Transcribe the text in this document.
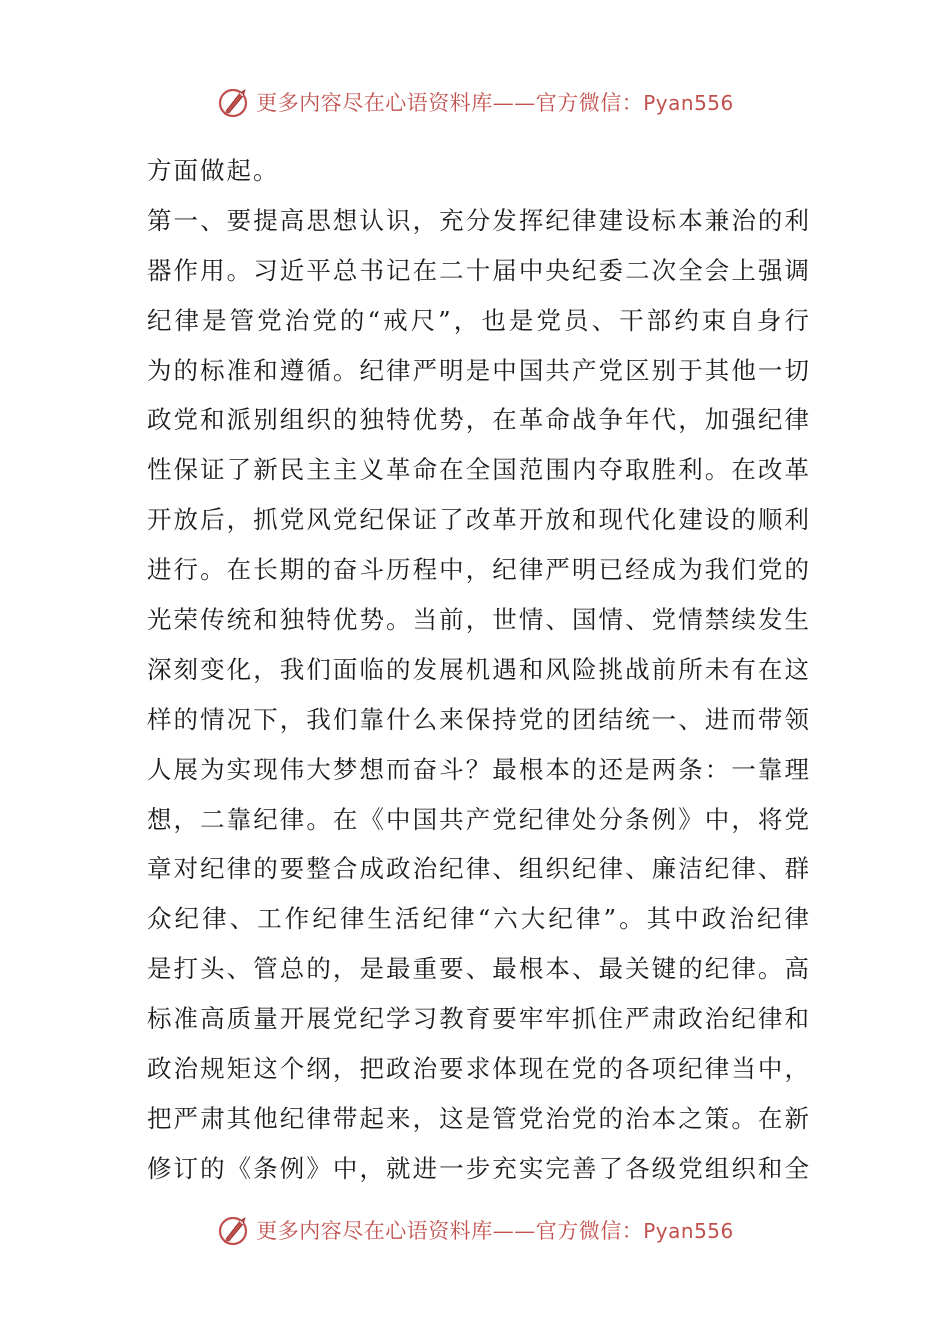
更多内容尽在心语资料库——官方微信：Pyan556
方面做起。
第一、要提高思想认识，充分发挥纪律建设标本兼治的利
器作用。习近平总书记在二十届中央纪委二次全会上强调
纪律是管党治党的“戒尺”，也是党员、干部约束自身行
为的标准和遵循。纪律严明是中国共产党区别于其他一切
政党和派别组织的独特优势，在革命战争年代，加强纪律
性保证了新民主主义革命在全国范围内夺取胜利。在改革
开放后，抓党风党纪保证了改革开放和现代化建设的顺利
进行。在长期的奋斗历程中，纪律严明已经成为我们党的
光荣传统和独特优势。当前，世情、国情、党情禁续发生
深刻变化，我们面临的发展机遇和风险挑战前所未有在这
样的情况下，我们靠什么来保持党的团结统一、进而带领
人展为实现伟大梦想而奋斗？最根本的还是两条：一靠理
想，二靠纪律。在《中国共产党纪律处分条例》中，将党
章对纪律的要整合成政治纪律、组织纪律、廉洁纪律、群
众纪律、工作纪律生活纪律“六大纪律”。其中政治纪律
是打头、管总的，是最重要、最根本、最关键的纪律。高
标准高质量开展党纪学习教育要牢牢抓住严肃政治纪律和
政治规矩这个纲，把政治要求体现在党的各项纪律当中，
把严肃其他纪律带起来，这是管党治党的治本之策。在新
修订的《条例》中，就进一步充实完善了各级党组织和全
更多内容尽在心语资料库——官方微信：Pyan556
